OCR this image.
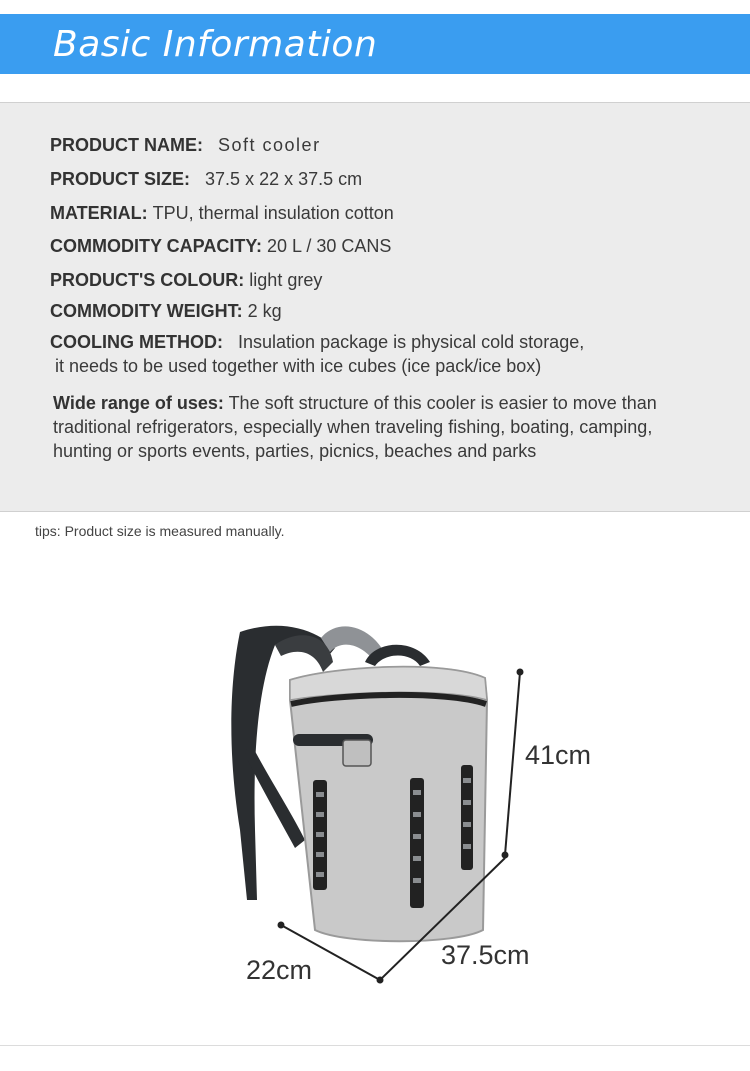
Basic Information
PRODUCT NAME: Soft cooler
PRODUCT SIZE: 37.5 x 22 x 37.5 cm
MATERIAL: TPU, thermal insulation cotton
COMMODITY CAPACITY: 20 L / 30 CANS
PRODUCT'S COLOUR: light grey
COMMODITY WEIGHT: 2 kg
COOLING METHOD: Insulation package is physical cold storage,
it needs to be used together with ice cubes (ice pack/ice box)
Wide range of uses: The soft structure of this cooler is easier to move than traditional refrigerators, especially when traveling fishing, boating, camping, hunting or sports events, parties, picnics, beaches and parks
tips: Product size is measured manually.
41cm
22cm	37.5cm
